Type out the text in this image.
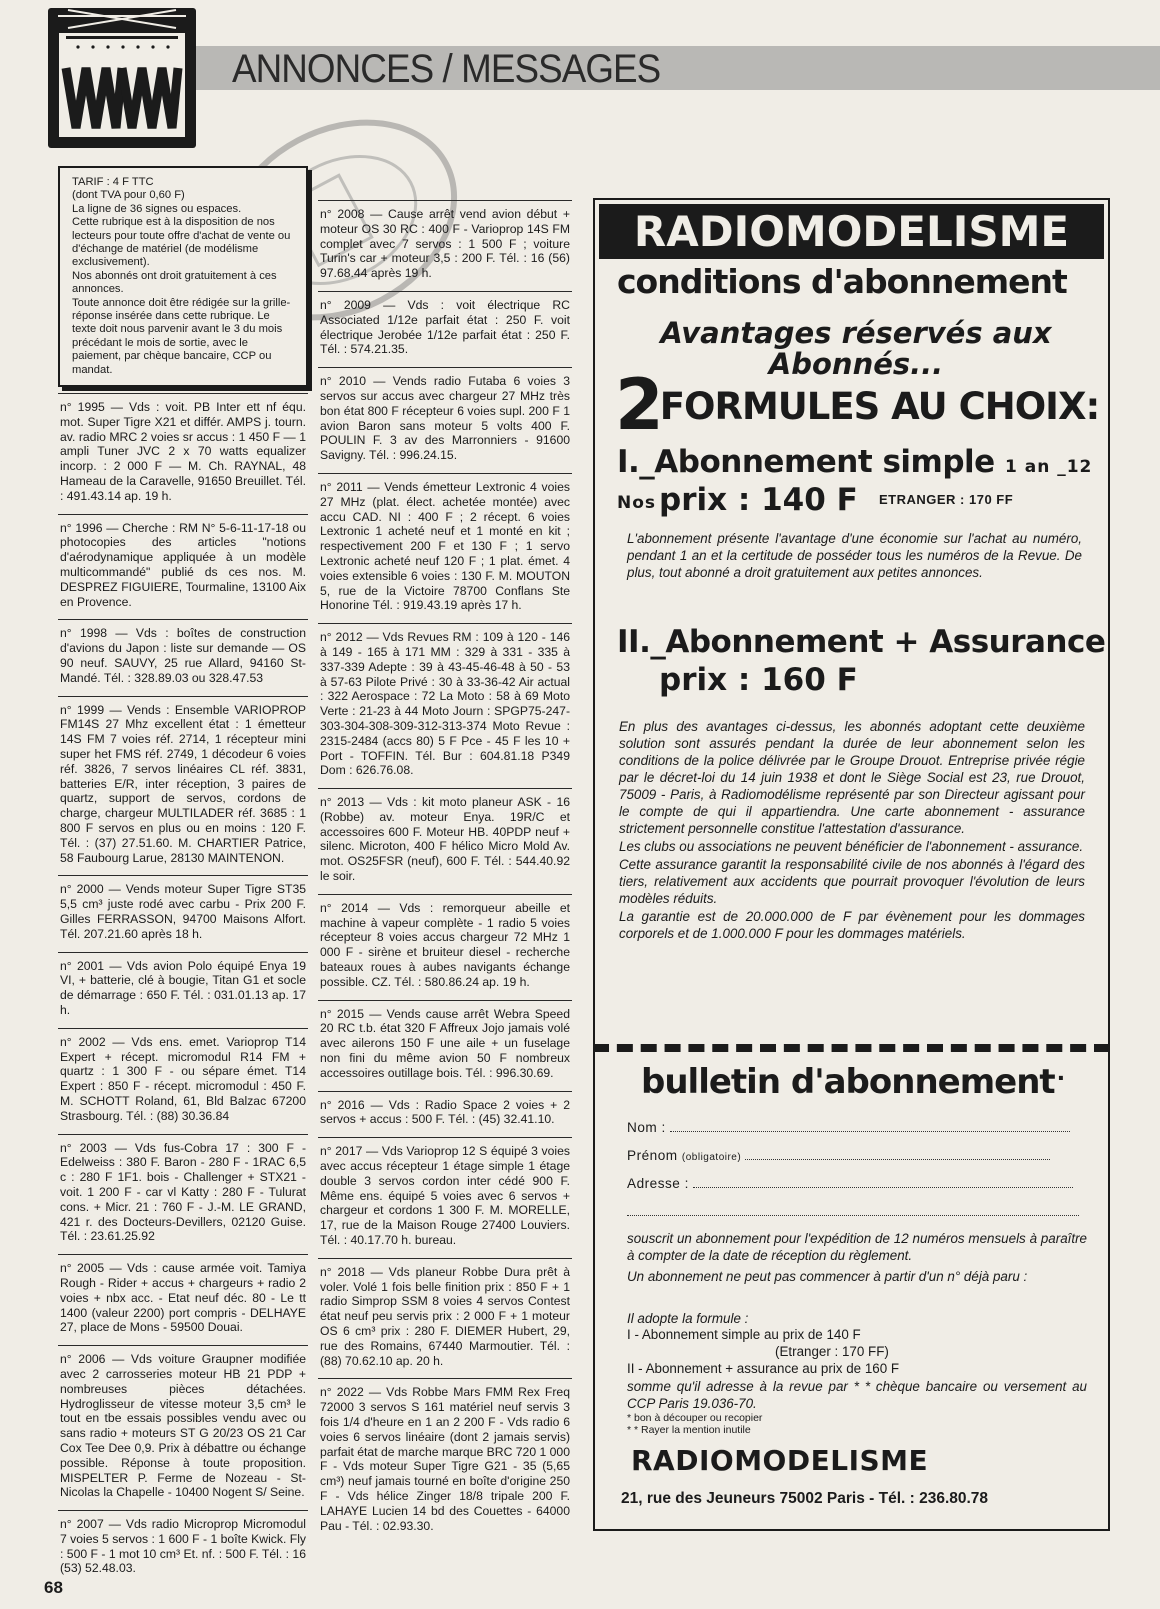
ANNONCES / MESSAGES

TARIF : 4 F TTC

(dont TVA pour 0,60 F)

La ligne de 36 signes ou espaces.

Cette rubrique est à la disposition de nos lecteurs pour toute offre d'achat de vente ou d'échange de matériel (de modélisme exclusivement).

Nos abonnés ont droit gratuitement à ces annonces.

Toute annonce doit être rédigée sur la grille-réponse insérée dans cette rubrique. Le texte doit nous parvenir avant le 3 du mois précédant le mois de sortie, avec le paiement, par chèque bancaire, CCP ou mandat.

n° 1995 — Vds : voit. PB Inter ett nf équ. mot. Super Tigre X21 et différ. AMPS j. tourn. av. radio MRC 2 voies sr accus : 1 450 F — 1 ampli Tuner JVC 2 x 70 watts equalizer incorp. : 2 000 F — M. Ch. RAYNAL, 48 Hameau de la Caravelle, 91650 Breuillet. Tél. : 491.43.14 ap. 19 h.
n° 1996 — Cherche : RM N° 5-6-11-17-18 ou photocopies des articles "notions d'aérodynamique appliquée à un modèle multicommandé" publié ds ces nos. M. DESPREZ FIGUIERE, Tourmaline, 13100 Aix en Provence.
n° 1998 — Vds : boîtes de construction d'avions du Japon : liste sur demande — OS 90 neuf. SAUVY, 25 rue Allard, 94160 St-Mandé. Tél. : 328.89.03 ou 328.47.53
n° 1999 — Vends : Ensemble VARIOPROP FM14S 27 Mhz excellent état : 1 émetteur 14S FM 7 voies réf. 2714, 1 récepteur mini super het FMS réf. 2749, 1 décodeur 6 voies réf. 3826, 7 servos linéaires CL réf. 3831, batteries E/R, inter réception, 3 paires de quartz, support de servos, cordons de charge, chargeur MULTILADER réf. 3685 : 1 800 F servos en plus ou en moins : 120 F. Tél. : (37) 27.51.60. M. CHARTIER Patrice, 58 Faubourg Larue, 28130 MAINTENON.
n° 2000 — Vends moteur Super Tigre ST35 5,5 cm³ juste rodé avec carbu - Prix 200 F. Gilles FERRASSON, 94700 Maisons Alfort. Tél. 207.21.60 après 18 h.
n° 2001 — Vds avion Polo équipé Enya 19 VI, + batterie, clé à bougie, Titan G1 et socle de démarrage : 650 F. Tél. : 031.01.13 ap. 17 h.
n° 2002 — Vds ens. emet. Varioprop T14 Expert + récept. micromodul R14 FM + quartz : 1 300 F - ou sépare émet. T14 Expert : 850 F - récept. micromodul : 450 F. M. SCHOTT Roland, 61, Bld Balzac 67200 Strasbourg. Tél. : (88) 30.36.84
n° 2003 — Vds fus-Cobra 17 : 300 F - Edelweiss : 380 F. Baron - 280 F - 1RAC 6,5 c : 280 F 1F1. bois - Challenger + STX21 - voit. 1 200 F - car vl Katty : 280 F - Tulurat cons. + Micr. 21 : 760 F - J.-M. LE GRAND, 421 r. des Docteurs-Devillers, 02120 Guise. Tél. : 23.61.25.92
n° 2005 — Vds : cause armée voit. Tamiya Rough - Rider + accus + chargeurs + radio 2 voies + nbx acc. - Etat neuf déc. 80 - Le tt 1400 (valeur 2200) port compris - DELHAYE 27, place de Mons - 59500 Douai.
n° 2006 — Vds voiture Graupner modifiée avec 2 carrosseries moteur HB 21 PDP + nombreuses pièces détachées. Hydroglisseur de vitesse moteur 3,5 cm³ le tout en tbe essais possibles vendu avec ou sans radio + moteurs ST G 20/23 OS 21 Car Cox Tee Dee 0,9. Prix à débattre ou échange possible. Réponse à toute proposition. MISPELTER P. Ferme de Nozeau - St-Nicolas la Chapelle - 10400 Nogent S/ Seine.
n° 2007 — Vds radio Microprop Micromodul 7 voies 5 servos : 1 600 F - 1 boîte Kwick. Fly : 500 F - 1 mot 10 cm³ Et. nf. : 500 F. Tél. : 16 (53) 52.48.03.
n° 2008 — Cause arrêt vend avion début + moteur OS 30 RC : 400 F - Varioprop 14S FM complet avec 7 servos : 1 500 F ; voiture Turin's car + moteur 3,5 : 200 F. Tél. : 16 (56) 97.68.44 après 19 h.
n° 2009 — Vds : voit électrique RC Associated 1/12e parfait état : 250 F. voit électrique Jerobée 1/12e parfait état : 250 F. Tél. : 574.21.35.
n° 2010 — Vends radio Futaba 6 voies 3 servos sur accus avec chargeur 27 MHz très bon état 800 F récepteur 6 voies supl. 200 F 1 avion Baron sans moteur 5 volts 400 F. POULIN F. 3 av des Marronniers - 91600 Savigny. Tél. : 996.24.15.
n° 2011 — Vends émetteur Lextronic 4 voies 27 MHz (plat. élect. achetée montée) avec accu CAD. NI : 400 F ; 2 récept. 6 voies Lextronic 1 acheté neuf et 1 monté en kit ; respectivement 200 F et 130 F ; 1 servo Lextronic acheté neuf 120 F ; 1 plat. émet. 4 voies extensible 6 voies : 130 F. M. MOUTON 5, rue de la Victoire 78700 Conflans Ste Honorine Tél. : 919.43.19 après 17 h.
n° 2012 — Vds Revues RM : 109 à 120 - 146 à 149 - 165 à 171 MM : 329 à 331 - 335 à 337-339 Adepte : 39 à 43-45-46-48 à 50 - 53 à 57-63 Pilote Privé : 30 à 33-36-42 Air actual : 322 Aerospace : 72 La Moto : 58 à 69 Moto Verte : 21-23 à 44 Moto Journ : SPGP75-247-303-304-308-309-312-313-374 Moto Revue : 2315-2484 (accs 80) 5 F Pce - 45 F les 10 + Port - TOFFIN. Tél. Bur : 604.81.18 P349 Dom : 626.76.08.
n° 2013 — Vds : kit moto planeur ASK - 16 (Robbe) av. moteur Enya. 19R/C et accessoires 600 F. Moteur HB. 40PDP neuf + silenc. Microton, 400 F hélico Micro Mold Av. mot. OS25FSR (neuf), 600 F. Tél. : 544.40.92 le soir.
n° 2014 — Vds : remorqueur abeille et machine à vapeur complète - 1 radio 5 voies récepteur 8 voies accus chargeur 72 MHz 1 000 F - sirène et bruiteur diesel - recherche bateaux roues à aubes navigants échange possible. CZ. Tél. : 580.86.24 ap. 19 h.
n° 2015 — Vends cause arrêt Webra Speed 20 RC t.b. état 320 F Affreux Jojo jamais volé avec ailerons 150 F une aile + un fuselage non fini du même avion 50 F nombreux accessoires outillage bois. Tél. : 996.30.69.
n° 2016 — Vds : Radio Space 2 voies + 2 servos + accus : 500 F. Tél. : (45) 32.41.10.
n° 2017 — Vds Varioprop 12 S équipé 3 voies avec accus récepteur 1 étage simple 1 étage double 3 servos cordon inter cédé 900 F. Même ens. équipé 5 voies avec 6 servos + chargeur et cordons 1 300 F. M. MORELLE, 17, rue de la Maison Rouge 27400 Louviers. Tél. : 40.17.70 h. bureau.
n° 2018 — Vds planeur Robbe Dura prêt à voler. Volé 1 fois belle finition prix : 850 F + 1 radio Simprop SSM 8 voies 4 servos Contest état neuf peu servis prix : 2 000 F + 1 moteur OS 6 cm³ prix : 280 F. DIEMER Hubert, 29, rue des Romains, 67440 Marmoutier. Tél. : (88) 70.62.10 ap. 20 h.
n° 2022 — Vds Robbe Mars FMM Rex Freq 72000 3 servos S 161 matériel neuf servis 3 fois 1/4 d'heure en 1 an 2 200 F - Vds radio 6 voies 6 servos linéaire (dont 2 jamais servis) parfait état de marche marque BRC 720 1 000 F - Vds moteur Super Tigre G21 - 35 (5,65 cm³) neuf jamais tourné en boîte d'origine 250 F - Vds hélice Zinger 18/8 tripale 200 F. LAHAYE Lucien 14 bd des Couettes - 64000 Pau - Tél. : 02.93.30.
RADIOMODELISME
conditions d'abonnement
Avantages réservés aux Abonnés...
2FORMULES AU CHOIX:
I._Abonnement simple 1 an _12 Nos prix : 140 F ETRANGER : 170 FF
L'abonnement présente l'avantage d'une économie sur l'achat au numéro, pendant 1 an et la certitude de posséder tous les numéros de la Revue. De plus, tout abonné a droit gratuitement aux petites annonces.
II._Abonnement + Assurance
prix : 160 F

En plus des avantages ci-dessus, les abonnés adoptant cette deuxième solution sont assurés pendant la durée de leur abonnement selon les conditions de la police délivrée par le Groupe Drouot. Entreprise privée régie par le décret-loi du 14 juin 1938 et dont le Siège Social est 23, rue Drouot, 75009 - Paris, à Radiomodélisme représenté par son Directeur agissant pour le compte de qui il appartiendra. Une carte abonnement - assurance strictement personnelle constitue l'attestation d'assurance.

Les clubs ou associations ne peuvent bénéficier de l'abonnement - assurance.

Cette assurance garantit la responsabilité civile de nos abonnés à l'égard des tiers, relativement aux accidents que pourrait provoquer l'évolution de leurs modèles réduits.

La garantie est de 20.000.000 de F par évènement pour les dommages corporels et de 1.000.000 F pour les dommages matériels.

bulletin d'abonnement ·
Nom :
Prénom (obligatoire)
Adresse :
souscrit un abonnement pour l'expédition de 12 numéros mensuels à paraître à compter de la date de réception du règlement.
Un abonnement ne peut pas commencer à partir d'un n° déjà paru :
Il adopte la formule :
I - Abonnement simple au prix de 140 F
(Etranger : 170 FF)
II - Abonnement + assurance au prix de 160 F
somme qu'il adresse à la revue par * * chèque bancaire ou versement au CCP Paris 19.036-70.
* bon à découper ou recopier
* * Rayer la mention inutile
RADIOMODELISME
21, rue des Jeuneurs 75002 Paris - Tél. : 236.80.78
68
